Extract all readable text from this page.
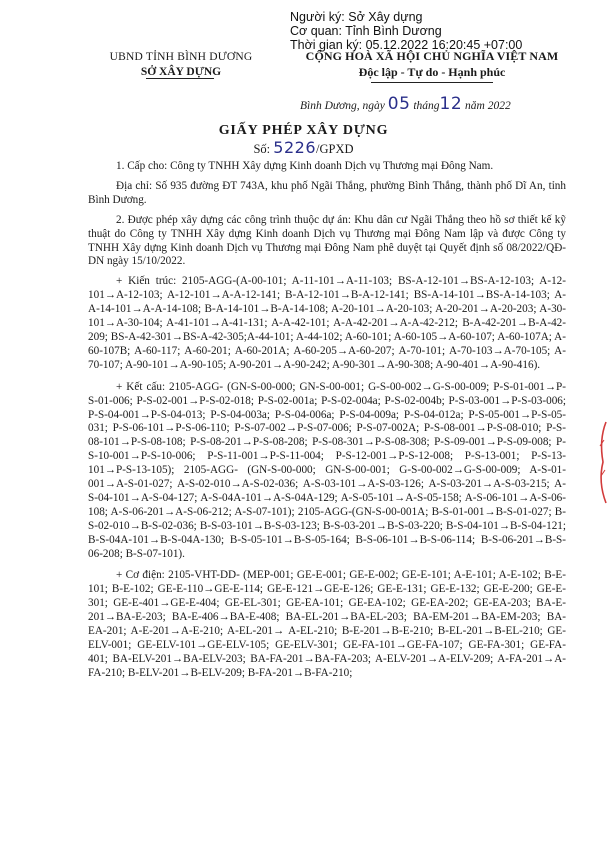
Người ký: Sở Xây dựng
Cơ quan: Tỉnh Bình Dương
Thời gian ký: 05.12.2022 16:20:45 +07:00
UBND TỈNH BÌNH DƯƠNG
SỞ XÂY DỰNG
CỘNG HOÀ XÃ HỘI CHỦ NGHĨA VIỆT NAM
Độc lập - Tự do - Hạnh phúc
Bình Dương, ngày 05 tháng12 năm 2022
GIẤY PHÉP XÂY DỰNG
Số: 5226/GPXD

1. Cấp cho: Công ty TNHH Xây dựng Kinh doanh Dịch vụ Thương mại Đông Nam.

Địa chỉ: Số 935 đường ĐT 743A, khu phố Ngãi Thắng, phường Bình Thắng, thành phố Dĩ An, tỉnh Bình Dương.

2. Được phép xây dựng các công trình thuộc dự án: Khu dân cư Ngãi Thắng theo hồ sơ thiết kế kỹ thuật do Công ty TNHH Xây dựng Kinh doanh Dịch vụ Thương mại Đông Nam lập và được Công ty TNHH Xây dựng Kinh doanh Dịch vụ Thương mại Đông Nam phê duyệt tại Quyết định số 08/2022/QĐ-DN ngày 15/10/2022.

+ Kiến trúc: 2105-AGG-(A-00-101; A-11-101→A-11-103; BS-A-12-101→BS-A-12-103; A-12-101→A-12-103; A-12-101→A-A-12-141; B-A-12-101→B-A-12-141; BS-A-14-101→BS-A-14-103; A-A-14-101→A-A-14-108; B-A-14-101→B-A-14-108; A-20-101→A-20-103; A-20-201→A-20-203; A-30-101→A-30-104; A-41-101→A-41-131; A-A-42-101; A-A-42-201→A-A-42-212; B-A-42-201→B-A-42-209; BS-A-42-301→BS-A-42-305;A-44-101; A-44-102; A-60-101; A-60-105→A-60-107; A-60-107A; A-60-107B; A-60-117; A-60-201; A-60-201A; A-60-205→A-60-207; A-70-101; A-70-103→A-70-105; A-70-107; A-90-101→A-90-105; A-90-201→A-90-242; A-90-301→A-90-308; A-90-401→A-90-416).

+ Kết cấu: 2105-AGG- (GN-S-00-000; GN-S-00-001; G-S-00-002→G-S-00-009; P-S-01-001→P-S-01-006; P-S-02-001→P-S-02-018; P-S-02-001a; P-S-02-004a; P-S-02-004b; P-S-03-001→P-S-03-006; P-S-04-001→P-S-04-013; P-S-04-003a; P-S-04-006a; P-S-04-009a; P-S-04-012a; P-S-05-001→P-S-05-031; P-S-06-101→P-S-06-110; P-S-07-002→P-S-07-006; P-S-07-002A; P-S-08-001→P-S-08-010; P-S-08-101→P-S-08-108; P-S-08-201→P-S-08-208; P-S-08-301→P-S-08-308; P-S-09-001→P-S-09-008; P-S-10-001→P-S-10-006; P-S-11-001→P-S-11-004; P-S-12-001→P-S-12-008; P-S-13-001; P-S-13-101→P-S-13-105); 2105-AGG- (GN-S-00-000; GN-S-00-001; G-S-00-002→G-S-00-009; A-S-01-001→A-S-01-027; A-S-02-010→A-S-02-036; A-S-03-101→A-S-03-126; A-S-03-201→A-S-03-215; A-S-04-101→A-S-04-127; A-S-04A-101→A-S-04A-129; A-S-05-101→A-S-05-158; A-S-06-101→A-S-06-108; A-S-06-201→A-S-06-212; A-S-07-101); 2105-AGG-(GN-S-00-001A; B-S-01-001→B-S-01-027; B-S-02-010→B-S-02-036; B-S-03-101→B-S-03-123; B-S-03-201→B-S-03-220; B-S-04-101→B-S-04-121; B-S-04A-101→B-S-04A-130; B-S-05-101→B-S-05-164; B-S-06-101→B-S-06-114; B-S-06-201→B-S-06-208; B-S-07-101).

+ Cơ điện: 2105-VHT-DD- (MEP-001; GE-E-001; GE-E-002; GE-E-101; A-E-101; A-E-102; B-E-101; B-E-102; GE-E-110→GE-E-114; GE-E-121→GE-E-126; GE-E-131; GE-E-132; GE-E-200; GE-E-301; GE-E-401→GE-E-404; GE-EL-301; GE-EA-101; GE-EA-102; GE-EA-202; GE-EA-203; BA-E-201→BA-E-203; BA-E-406→BA-E-408; BA-EL-201→BA-EL-203; BA-EM-201→BA-EM-203; BA-EA-201; A-E-201→A-E-210; A-EL-201→ A-EL-210; B-E-201→B-E-210; B-EL-201→B-EL-210; GE-ELV-001; GE-ELV-101→GE-ELV-105; GE-ELV-301; GE-FA-101→GE-FA-107; GE-FA-301; GE-FA-401; BA-ELV-201→BA-ELV-203; BA-FA-201→BA-FA-203; A-ELV-201→A-ELV-209; A-FA-201→A-FA-210; B-ELV-201→B-ELV-209; B-FA-201→B-FA-210;
